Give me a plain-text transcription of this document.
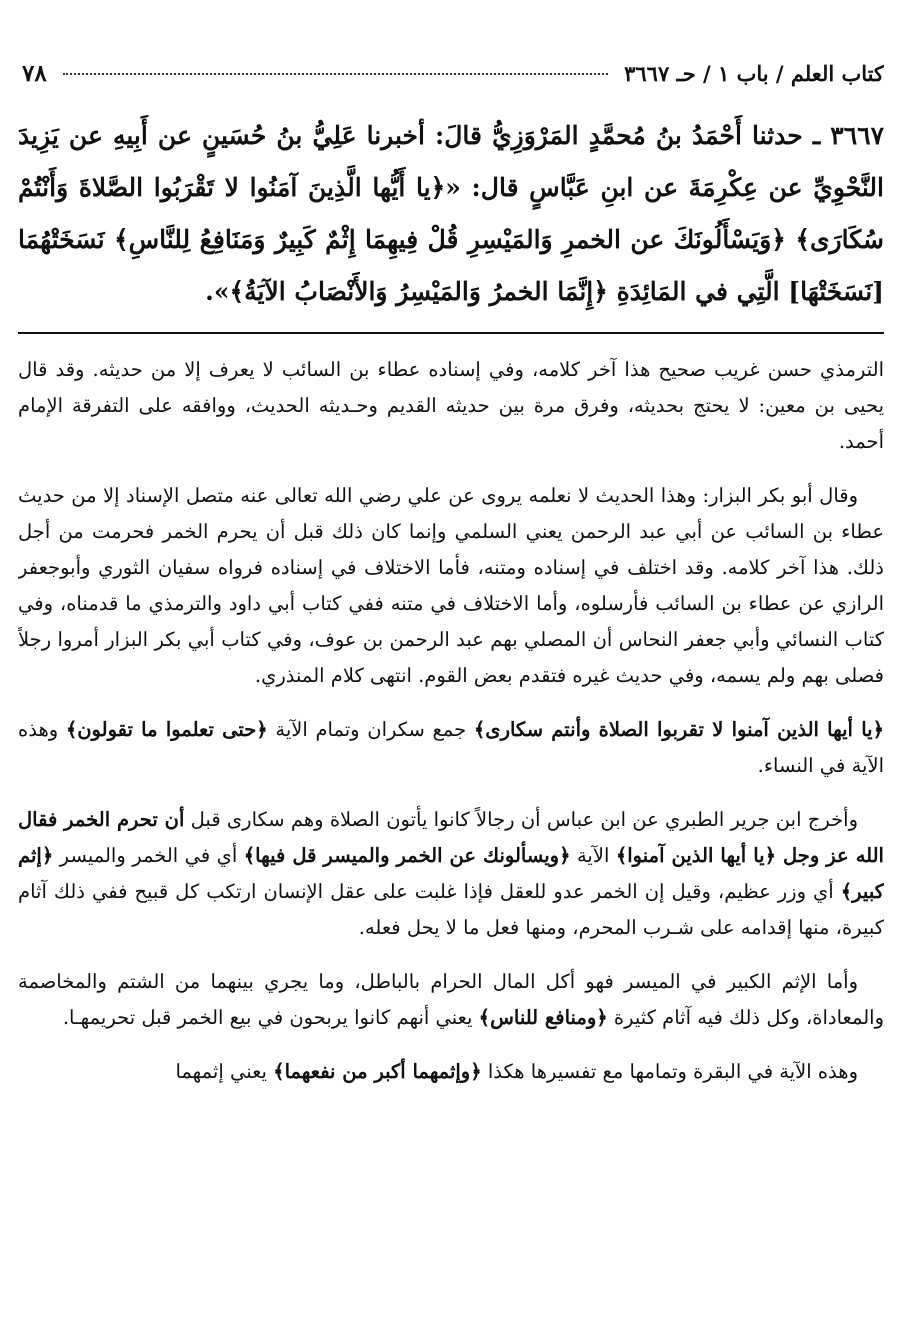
كتاب العلم / باب ١ / حـ ٣٦٦٧
٧٨
٣٦٦٧ ـ حدثنا أَحْمَدُ بنُ مُحمَّدٍ المَرْوَزِيُّ قالَ: أخبرنا عَلِيُّ بنُ حُسَينٍ عن أَبِيهِ عن يَزِيدَ النَّحْوِيِّ عن عِكْرِمَةَ عن ابنِ عَبَّاسٍ قال: «﴿يا أَيُّها الَّذِينَ آمَنُوا لا تَقْرَبُوا الصَّلاةَ وَأَنْتُمْ سُكَارَى﴾ ﴿وَيَسْأَلُونَكَ عن الخمرِ وَالمَيْسِرِ قُلْ فِيهِمَا إِثْمٌ كَبِيرٌ وَمَنَافِعُ لِلنَّاسِ﴾ نَسَخَتْهُمَا [نَسَخَتْهَا] الَّتِي في المَائِدَةِ ﴿إِنَّمَا الخمرُ وَالمَيْسِرُ وَالأَنْصَابُ الآيَةُ﴾».

الترمذي حسن غريب صحيح هذا آخر كلامه، وفي إسناده عطاء بن السائب لا يعرف إلا من حديثه. وقد قال يحيى بن معين: لا يحتج بحديثه، وفرق مرة بين حديثه القديم وحـديثه الحديث، ووافقه على التفرقة الإمام أحمد.

وقال أبو بكر البزار: وهذا الحديث لا نعلمه يروى عن علي رضي الله تعالى عنه متصل الإسناد إلا من حديث عطاء بن السائب عن أبي عبد الرحمن يعني السلمي وإنما كان ذلك قبل أن يحرم الخمر فحرمت من أجل ذلك. هذا آخر كلامه. وقد اختلف في إسناده ومتنه، فأما الاختلاف في إسناده فرواه سفيان الثوري وأبوجعفر الرازي عن عطاء بن السائب فأرسلوه، وأما الاختلاف في متنه ففي كتاب أبي داود والترمذي ما قدمناه، وفي كتاب النسائي وأبي جعفر النحاس أن المصلي بهم عبد الرحمن بن عوف، وفي كتاب أبي بكر البزار أمروا رجلاً فصلى بهم ولم يسمه، وفي حديث غيره فتقدم بعض القوم. انتهى كلام المنذري.

﴿يا أيها الذين آمنوا لا تقربوا الصلاة وأنتم سكارى﴾ جمع سكران وتمام الآية ﴿حتى تعلموا ما تقولون﴾ وهذه الآية في النساء.

وأخرج ابن جرير الطبري عن ابن عباس أن رجالاً كانوا يأتون الصلاة وهم سكارى قبل أن تحرم الخمر فقال الله عز وجل ﴿يا أيها الذين آمنوا﴾ الآية ﴿ويسألونك عن الخمر والميسر قل فيها﴾ أي في الخمر والميسر ﴿إثم كبير﴾ أي وزر عظيم، وقيل إن الخمر عدو للعقل فإذا غلبت على عقل الإنسان ارتكب كل قبيح ففي ذلك آثام كبيرة، منها إقدامه على شـرب المحرم، ومنها فعل ما لا يحل فعله.

وأما الإثم الكبير في الميسر فهو أكل المال الحرام بالباطل، وما يجري بينهما من الشتم والمخاصمة والمعاداة، وكل ذلك فيه آثام كثيرة ﴿ومنافع للناس﴾ يعني أنهم كانوا يربحون في بيع الخمر قبل تحريمهـا.

وهذه الآية في البقرة وتمامها مع تفسيرها هكذا ﴿وإثمهما أكبر من نفعهما﴾ يعني إثمهما
